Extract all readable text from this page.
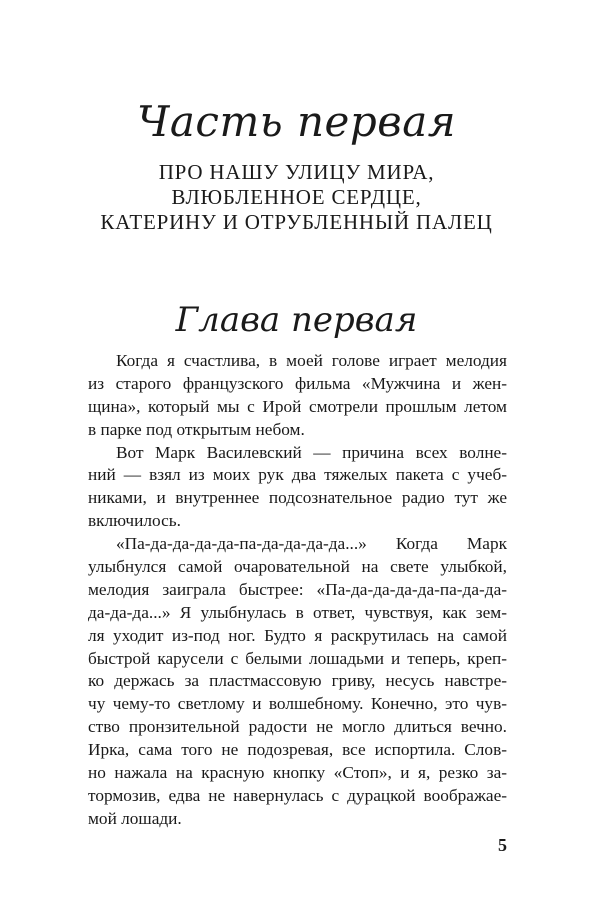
Часть первая
ПРО НАШУ УЛИЦУ МИРА,
ВЛЮБЛЕННОЕ СЕРДЦЕ,
КАТЕРИНУ И ОТРУБЛЕННЫЙ ПАЛЕЦ
Глава первая
Когда я счастлива, в моей голове играет мелодия
из старого французского фильма «Мужчина и жен-
щина», который мы с Ирой смотрели прошлым летом
в парке под открытым небом.
Вот Марк Василевский — причина всех волне-
ний — взял из моих рук два тяжелых пакета с учеб-
никами, и внутреннее подсознательное радио тут же
включилось.
«Па-да-да-да-да-па-да-да-да-да...» Когда Марк
улыбнулся самой очаровательной на свете улыбкой,
мелодия заиграла быстрее: «Па-да-да-да-да-па-да-да-
да-да-да...» Я улыбнулась в ответ, чувствуя, как зем-
ля уходит из-под ног. Будто я раскрутилась на самой
быстрой карусели с белыми лошадьми и теперь, креп-
ко держась за пластмассовую гриву, несусь навстре-
чу чему-то светлому и волшебному. Конечно, это чув-
ство пронзительной радости не могло длиться вечно.
Ирка, сама того не подозревая, все испортила. Слов-
но нажала на красную кнопку «Стоп», и я, резко за-
тормозив, едва не навернулась с дурацкой воображае-
мой лошади.
5
